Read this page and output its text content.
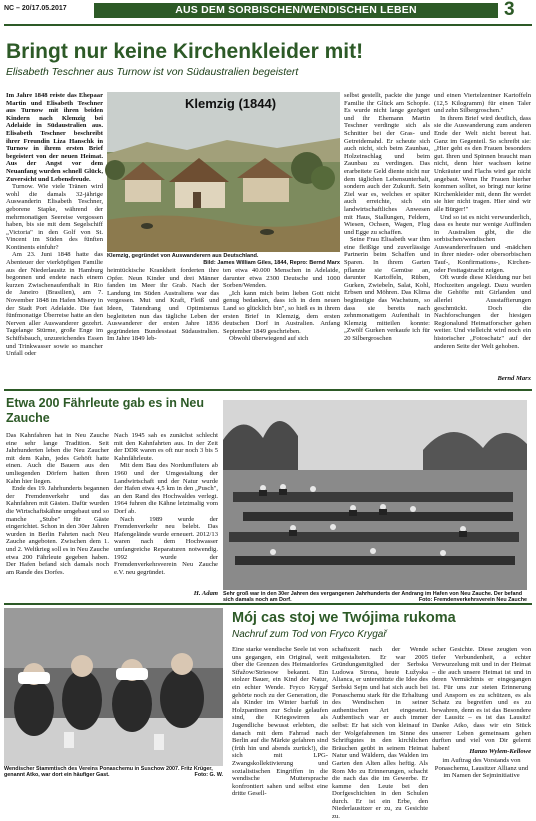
NC – 20/17.05.2017	AUS DEM SORBISCHEN/WENDISCHEN LEBEN	3
Bringt nur keine Kirchenkleider mit!
Elisabeth Teschner aus Turnow ist von Südaustralien begeistert

Im Jahre 1848 reiste das Ehepaar Martin und Elisabeth Teschner aus Turnow mit ihren beiden Kindern nach Klemzig bei Adelaide in Südaustralien aus. Elisabeth Teschner beschreibt ihrer Freundin Liza Hanschk in Turnow in ihrem ersten Brief begeistert von der neuen Heimat. Aus der Angst vor dem Neuanfang wurden schnell Glück, Zuversicht und Lebensfreude.

Turnow. Wie viele Tränen wird wohl die damals 32-jährige Auswanderin Elisabeth Teschner, geborene Stapke, während der mehrmonatigen Seereise vergossen haben, bis sie mit dem Segelschiff „Victoria" in den Golf von St. Vincent im Süden des fünften Kontinents einfuhr?

Am 23. Juni 1848 hatte das Abenteuer der vierköpfigen Familie aus der Niederlausitz in Hamburg begonnen und endete nach einem kurzen Zwischenaufenthalt in Rio de Janeiro (Brasilien), am 7. November 1848 im Hafen Misery in der Stadt Port Adelaide. Die fast fünfmonatige Überreise hatte an den Nerven aller Auswanderer gezehrt. Tagelange Stürme, große Enge im Schiffsbauch, unzureichendes Essen und Trinkwasser sowie so mancher Unfall oder

Klemzig (1844)
Klemzig, gegründet von Auswanderern aus Deutschland.
Bild: James William Giles, 1844, Repro: Bernd Marx

heimtückische Krankheit forderten ihre Opfer. Neun Kinder und drei Männer fanden im Meer ihr Grab. Nach der Landung im Süden Australiens war das vergessen. Mut und Kraft, Fleiß und Ideen, Tatendrang und Optimismus begleiteten nun das tägliche Leben der Auswanderer der ersten Jahre 1836 gegründeten Bundesstaat Südaustralien. Im Jahre 1849 leb-

ten etwa 40.000 Menschen in Adelaide, darunter etwa 2300 Deutsche und 1000 Sorben/Wenden.

„Ich kann mich beim lieben Gott nicht genug bedanken, dass ich in dem neuen Land so glücklich bin", so hieß es in ihrem ersten Brief in Klemzig, dem ersten deutschen Dorf in Australien. Anfang September 1849 geschrieben.

Obwohl überwiegend auf sich

selbst gestellt, packte die junge Familie ihr Glück am Schopfe. Es wurde nicht lange gezögert und ihr Ehemann Martin Teschner verdingte sich als Schnitter bei der Gras- und Getreidemahd. Er scheute sich auch nicht, sich beim Zaunbau, Holzeinschlag und beim Zaunbau zu verdingen. Das erarbeitete Geld diente nicht nur dem täglichen Lebensunterhalt, sondern auch der Zukunft. Sein Ziel war es, welches er später auch erreichte, sich ein landwirtschaftliches Anwesen mit Haus, Stallungen, Feldern, Wiesen, Ochsen, Wagen, Flug und Egge zu schaffen.

Seine Frau Elisabeth war ihm eine fleißige und zuverlässige Partnerin beim Schaffen und Sparen. In ihrem Garten pflanzte sie Gemüse an, darunter Kartoffeln, Rüben, Gurken, Zwiebeln, Salat, Kohl, Erbsen und Möhren. Das Klima begünstigte das Wachstum, so dass sie bereits nach zehnmonatigem Aufenthalt in Klemzig mitteilen konnte: „Zwölf Gurken verkaufe ich für 20 Silbergroschen

und einen Viertelzentner Kartoffeln (12,5 Kilogramm) für einen Taler und zehn Silbergroschen."

In ihrem Brief wird deutlich, dass sie die Auswanderung zum anderen Ende der Welt nicht bereut hat. Ganz im Gegenteil. So schreibt sie: „Hier geht es den Frauen besonders gut. Ihren und Spinnen braucht man nicht, denn hier wachsen keine Unkräuter und Flachs wird gar nicht angebaut. Wenn Ihr Frauen hierher kommen solltet, so bringt nur keine Kirchenkleider mit, denn Ihr werdet sie hier nicht tragen. Hier sind wir alle Bürger!"

Und so ist es nicht verwunderlich, dass es heute nur wenige Auffinden in Australien gibt, die die sorbischen/wendischen Auswandererfrauen und -mädchen in ihrer nieder- oder obersorbischen Tauf-, Konfirmations-, Kirchen- oder Festtagstracht zeigen.

Oft wurde diese Kleidung nur bei Hochzeiten angelegt. Dazu wurden die Gehöfte mit Girlanden und allerlei Ausstaffierungen geschmückt. Doch die Nachforschungen der hiesigen Regionalund Heimatforscher gehen weiter. Und vielleicht wird noch ein historischer „Fotoschatz" auf der anderen Seite der Welt gehoben.

Bernd Marx
Etwa 200 Fährleute gab es in Neu Zauche

Das Kahnfahren hat in Neu Zauche eine sehr lange Tradition. Seit Jahrhunderten leben die Neu Zaucher mit dem Kahn, jedes Gehöft hatte einen. Auch die Bauern aus den umliegenden Dörfern hatten ihren Kahn hier liegen.

Ende des 19. Jahrhunderts begannen der Fremdenverkehr und das Kahnfahren mit Gästen. Dafür wurden die Wirtschaftskähne umgebaut und so manche „Stube" für Gäste eingerichtet. Schon in den 30er Jahren wurden in Berlin Fahrten nach Neu Zauche angeboten. Zwischen dem 1. und 2. Weltkrieg soll es in Neu Zauche etwa 200 Fährleute gegeben haben. Der Hafen befand sich damals noch am Rande des Dorfes.

Nach 1945 sah es zunächst schlecht mit den Kahnfahrten aus. In der Zeit der DDR waren es oft nur noch 3 bis 5 Kahnfährleute.

Mit dem Bau des Nordumfluters ab 1960 und der Umgestaltung der Landwirtschaft und der Natur wurde der Hafen etwa 4,5 km in den „Pusch", an den Rand des Hochwaldes verlegt. 1964 fuhren die Kähne letztmalig vom Dorf ab.

Nach 1989 wurde der Fremdenverkehr neu belebt. Das Hafengelände wurde erneuert. 2012/13 waren nach dem Hochwasser umfangreiche Reparaturen notwendig. 1992 wurde der Fremdenverkehrsverein Neu Zauche e.V. neu gegründet.

H. Adam Sehr groß war in den 30er Jahren des vergangenen Jahrhunderts der Andrang im Hafen von Neu Zauche. Der befand sich damals noch am Dorf.	Foto: Fremdenverkehrsverein Neu Zauche
Wendischer Stammtisch des Vereins Ponaschemu in Suschow 2007. Fritz Krüger, genannt Atko, war dort ein häufiger Gast.	Foto: G. W.
Mój cas stoj we Twójima rukoma
Nachruf zum Tod von Fryco Krygař

Eine starke wendische Seele ist von uns gegangen, ein Original, weit über die Grenzen des Heimatdorfes Střažow/Striesow bekannt. Ein stolzer Bauer, ein Kind der Natur, ein echter Wende. Fryco Krygař gehörte noch zu der Generation, die als Kinder im Winter barfuß in Holzpantinen zur Schule gelaufen sind, die Kriegswirren als Jugendliche bewusst erlebten, die danach mit dem Fahrrad nach Berlin auf die Märkte gefahren sind (früh hin und abends zurück!), die sich mit LPG-Zwangskollektivierung und sozialistischen Eingriffen in die wendische Muttersprache konfrontiert sahen und selbst eine dritte Gesell-

schaftszeit nach der Wende mitgestalteten. Er war 2005 Gründungsmitglied der Serbska Ludowa Strona, heute Łužyska Alianca, er unterstützte die Idee des Serbski Sejm und hat sich auch bei Ponaschemu stark für die Erhaltung des Wendischen in seiner authentischen Art eingesetzt. Authentisch war er auch immer selbst: Er hat sich von kleinauf in der Wolgefahrenen im Sinne des Schriftgutes in den kirchlichen Bräuchen geübt in seinem Heimat Natur und Wäldern, das Walden im Garten den Alten alles heftig. Als Rom Mo zu Erinnerungen, schacht die nach das die im Gewerbe. Er kamme den Leute bei den Dorfgeschichten in den Schulen durch. Er ist ein Erbe, den Niederlausitzer er zu, zu Gesichte zu.

scher Gesichte. Diese zeugten von tiefer Verbundenheit, a echter Verwurzelung mit und in der Heimat – die auch unsere Heimat ist und in deren Vermächtnis er eingegangen ist. Für uns zur steten Erinnerung und Ansporn es zu schützen, es als Schatz zu begreifen und es zu bewahren, denn es ist das Besondere der Lausitz – es ist das Lausitz! Danke Atko, dass wir ein Stück unserer Leben gemeinsam gehen durften und viel von Dir gelernt haben!	Hanzo Wylem-Kellowe
im Auftrag des Vorstands von Ponaschemu, Lausitzer Allianz und im Namen der Sejminitiative
